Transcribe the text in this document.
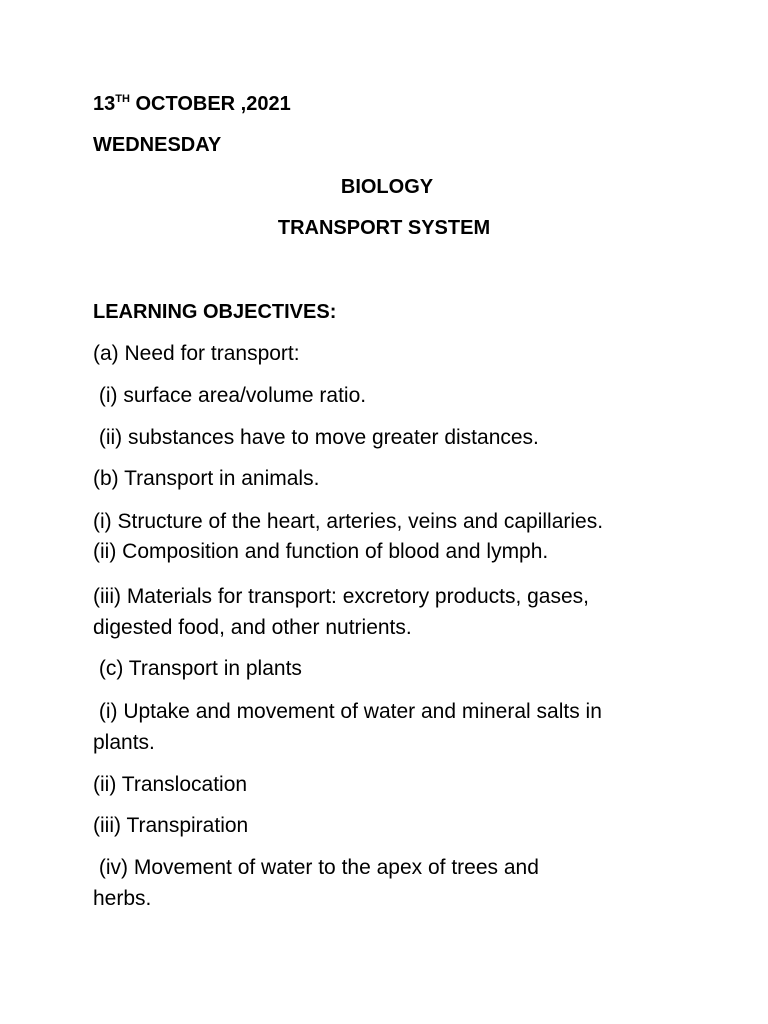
13TH OCTOBER ,2021
WEDNESDAY
BIOLOGY
TRANSPORT SYSTEM
LEARNING OBJECTIVES:
(a) Need for transport:
(i) surface area/volume ratio.
(ii) substances have to move greater distances.
(b) Transport in animals.
(i) Structure of the heart, arteries, veins and capillaries.
(ii) Composition and function of blood and lymph.
(iii) Materials for transport: excretory products, gases,
digested food, and other nutrients.
(c) Transport in plants
(i) Uptake and movement of water and mineral salts in
plants.
(ii) Translocation
(iii) Transpiration
(iv) Movement of water to the apex of trees and
herbs.
